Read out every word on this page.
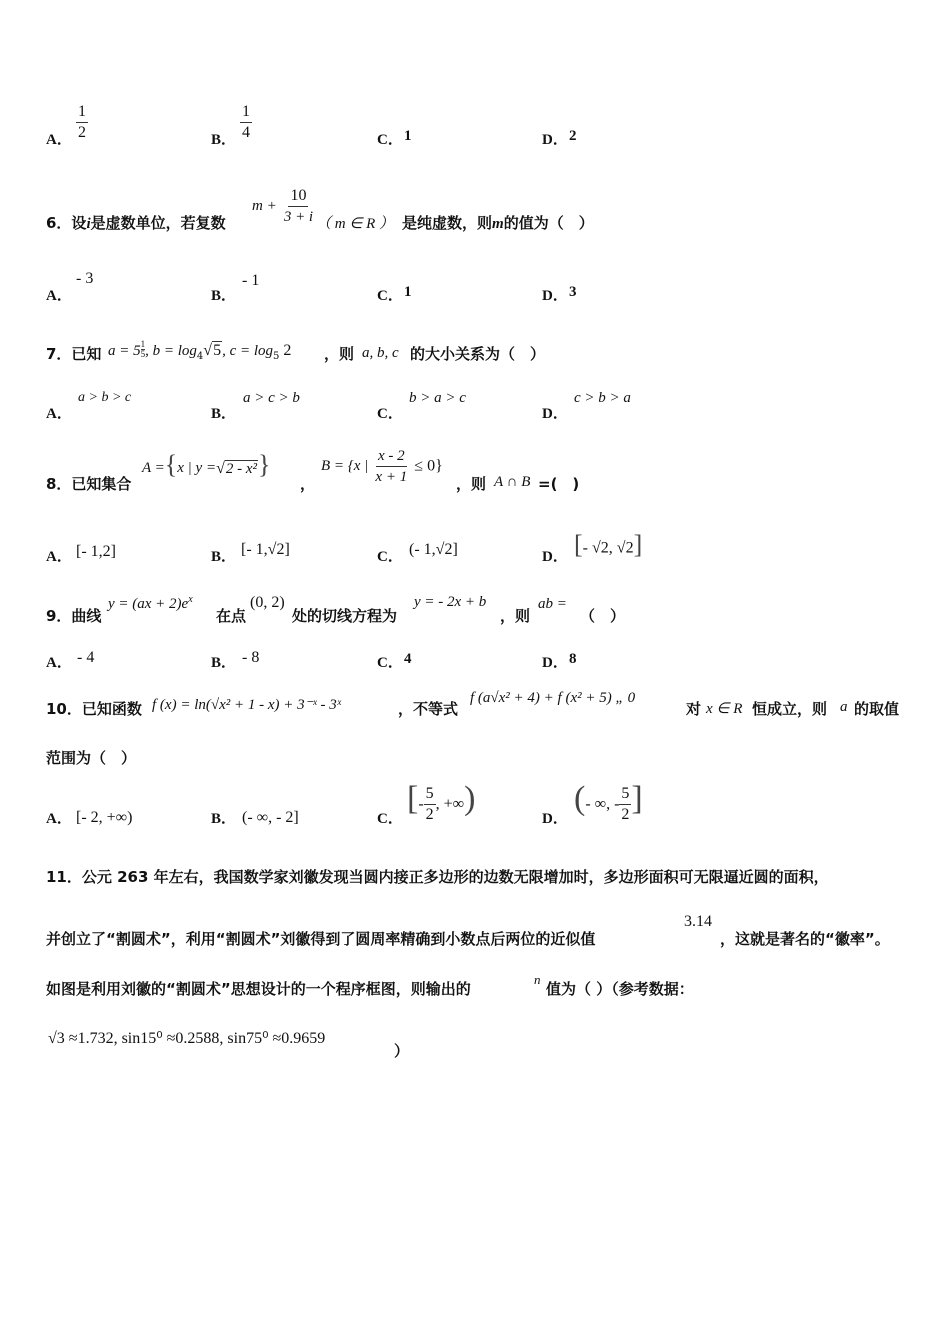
A． $\frac{1}{2}$	B． $\frac{1}{4}$	C． 1	D． 2
6．设i是虚数单位，若复数
$m + \frac{10}{3 + i}$ （ m ∈ R ） 是纯虚数，则m的值为（　）
A．
- 3
B．
- 1
C． 1	D． 3
7．已知 $a = 5 \frac{1}{5}$ , $b = \log_4√5$, $c = \log_5 2$ ，则 a, b, c 的大小关系为（　）
A．
a > b > c
B．
a > c > b
C．
b > a > c
D．
c > b > a
8．已知集合
A ={x | y =√2 - x²}
，
B = {x | $\frac{x - 2}{x + 1} \le 0$}
，则 A ∩ B =(　)
A． [- 1,2]	B． [- 1,√2]	C． (- 1,√2]	D． [- √2, √2]
9．曲线
$y = (ax + 2)e^x$
在点
(0, 2)
处的切线方程为
y = - 2x + b
，则
ab =
（　）
A． - 4	B． - 8	C． 4	D． 8
10．已知函数 f (x) = ln(√x² + 1 - x) + 3⁻ˣ - 3ˣ	，不等式
f (a√x² + 4) + f (x² + 5) „ 0
对 x ∈ R 恒成立，则 a 的取值
范围为（　）
A． [- 2, +∞)	B． (- ∞, - 2]	C．
[- $\frac{5}{2}$ , +∞)
D．
(- ∞, - $\frac{5}{2}$ ]
11．公元 263 年左右，我国数学家刘徽发现当圆内接正多边形的边数无限增加时，多边形面积可无限逼近圆的面积，
并创立了“割圆术”，利用“割圆术”刘徽得到了圆周率精确到小数点后两位的近似值
3.14
，这就是著名的“徽率”。
如图是利用刘徽的“割圆术”思想设计的一个程序框图，则输出的
n
值为（ ）（参考数据：
√3 ≈1.732, sin15⁰ ≈0.2588, sin75⁰ ≈0.9659
）
